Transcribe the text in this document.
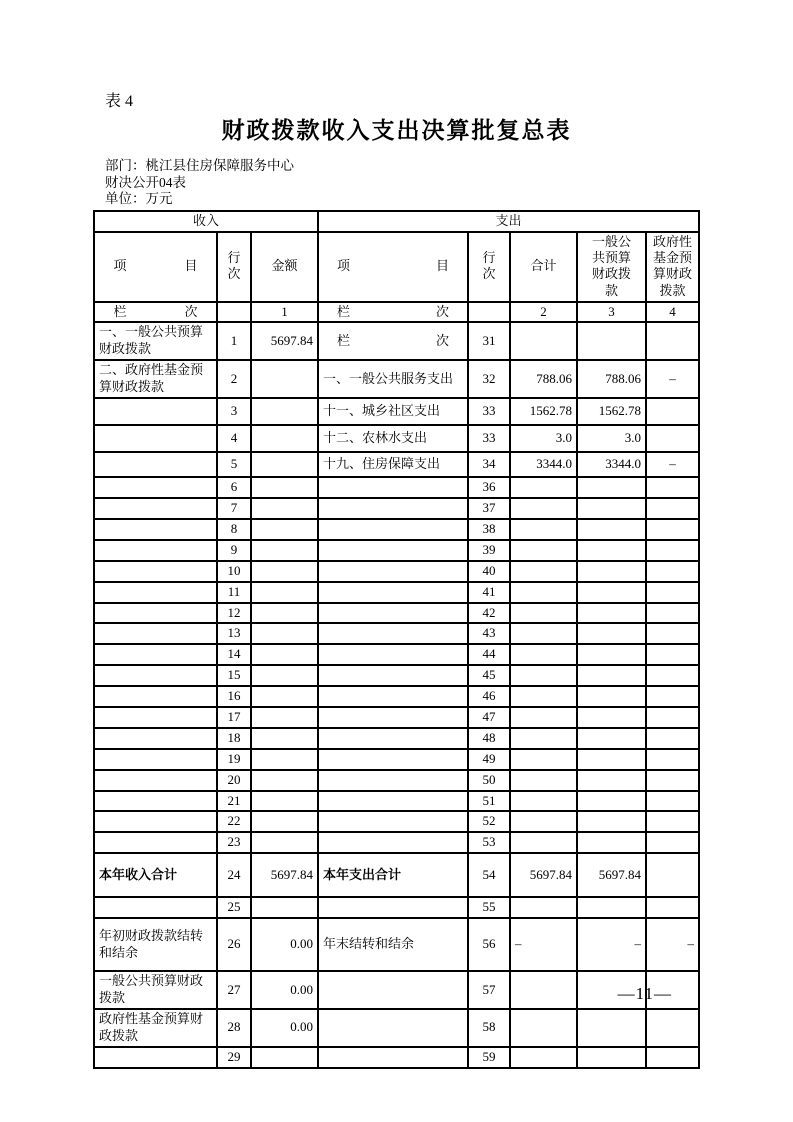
表 4
财政拨款收入支出决算批复总表
部门：桃江县住房保障服务中心
财决公开04表
单位：万元
收入			支出				
项目	行次	金额	项目	行次	合计	一般公共预算财政拨款	政府性基金预算财政拨款
栏次		1	栏次		2	3	4
一、一般公共预算财政拨款	1	5697.84	栏次	31			
二、政府性基金预算财政拨款	2		一、一般公共服务支出	32	788.06	788.06	–
	3		十一、城乡社区支出	33	1562.78	1562.78	
	4		十二、农林水支出	33	3.0	3.0	
	5		十九、住房保障支出	34	3344.0	3344.0	–
	6			36			
	7			37			
	8			38			
	9			39			
	10			40			
	11			41			
	12			42			
	13			43			
	14			44			
	15			45			
	16			46			
	17			47			
	18			48			
	19			49			
	20			50			
	21			51			
	22			52			
	23			53			
本年收入合计	24	5697.84	本年支出合计	54	5697.84	5697.84	
	25			55			
年初财政拨款结转和结余	26	0.00	年末结转和结余	56	–	–	–
一般公共预算财政拨款	27	0.00		57			
政府性基金预算财政拨款	28	0.00		58			
	29			59			
—11—
